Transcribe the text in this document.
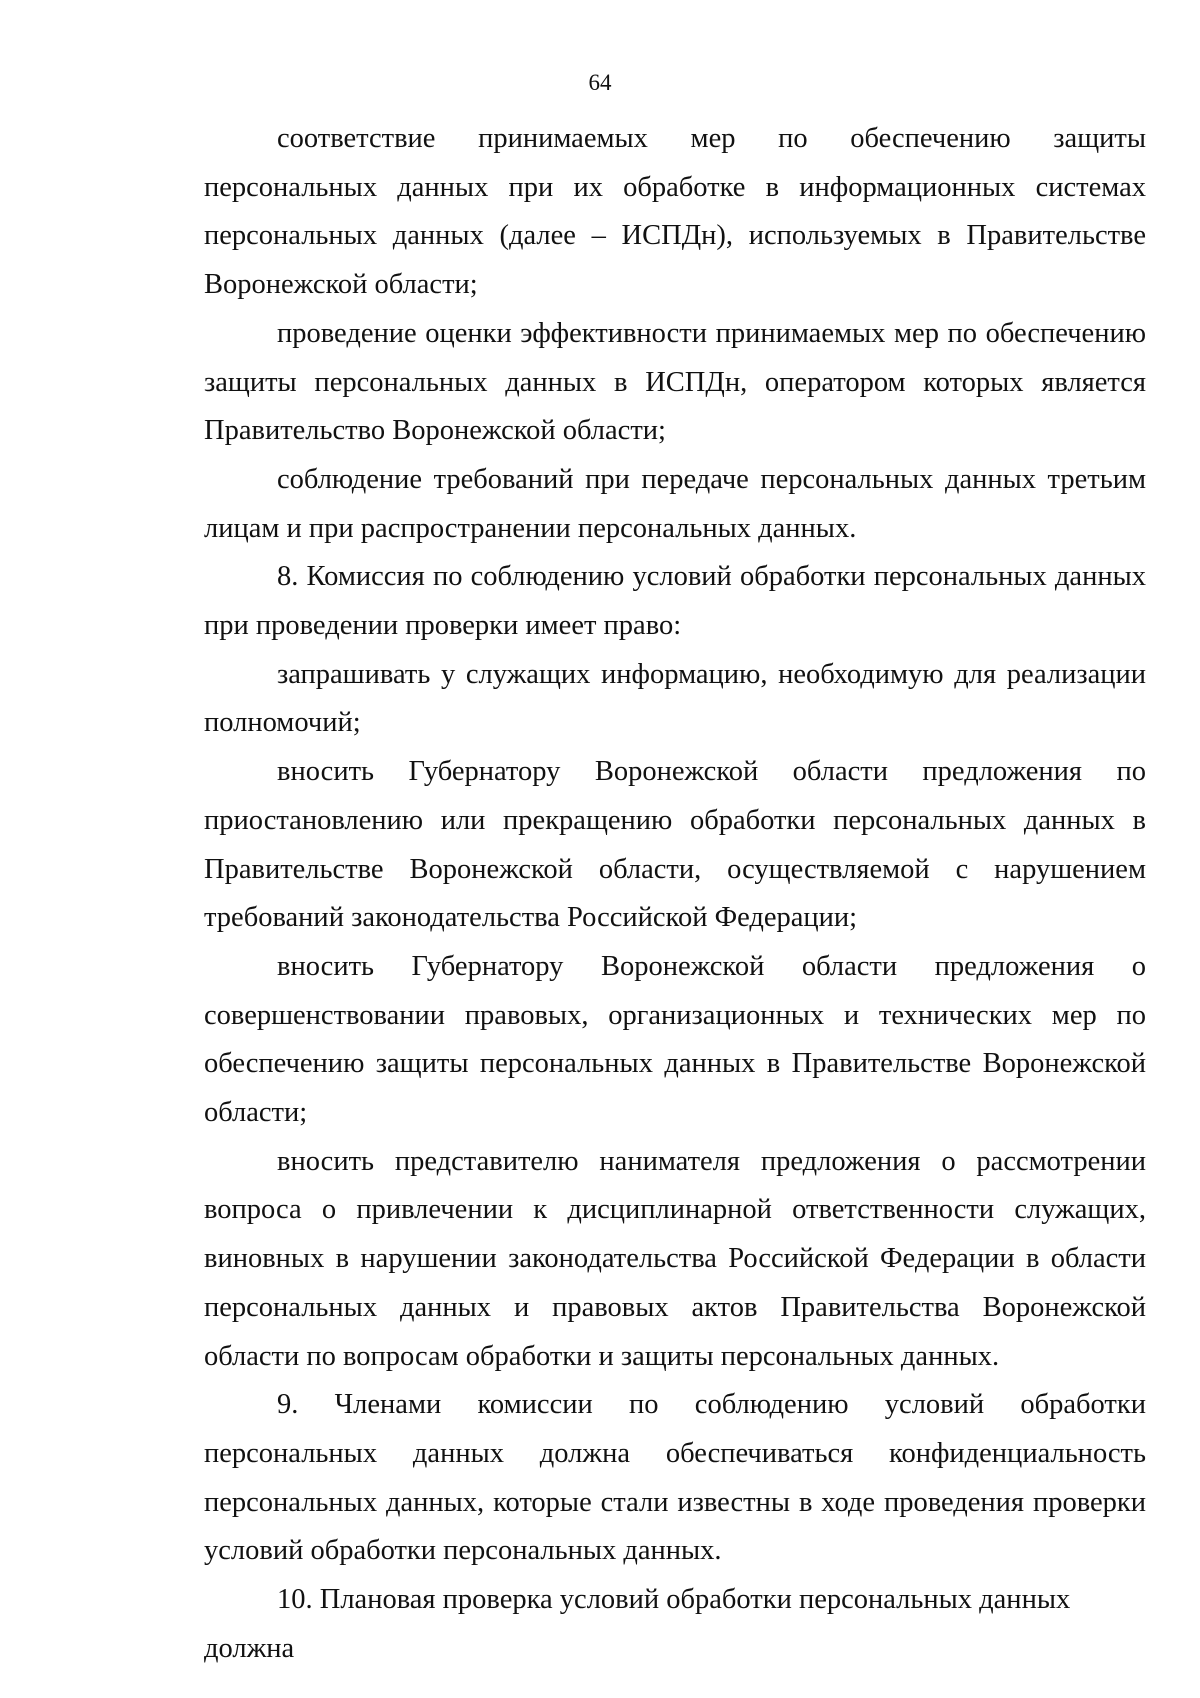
64

соответствие принимаемых мер по обеспечению защиты персональных данных при их обработке в информационных системах персональных данных (далее – ИСПДн), используемых в Правительстве Воронежской области;

проведение оценки эффективности принимаемых мер по обеспечению защиты персональных данных в ИСПДн, оператором которых является Правительство Воронежской области;

соблюдение требований при передаче персональных данных третьим лицам и при распространении персональных данных.

8. Комиссия по соблюдению условий обработки персональных данных при проведении проверки имеет право:

запрашивать у служащих информацию, необходимую для реализации полномочий;

вносить Губернатору Воронежской области предложения по приостановлению или прекращению обработки персональных данных в Правительстве Воронежской области, осуществляемой с нарушением требований законодательства Российской Федерации;

вносить Губернатору Воронежской области предложения о совершенствовании правовых, организационных и технических мер по обеспечению защиты персональных данных в Правительстве Воронежской области;

вносить представителю нанимателя предложения о рассмотрении вопроса о привлечении к дисциплинарной ответственности служащих, виновных в нарушении законодательства Российской Федерации в области персональных данных и правовых актов Правительства Воронежской области по вопросам обработки и защиты персональных данных.

9. Членами комиссии по соблюдению условий обработки персональных данных должна обеспечиваться конфиденциальность персональных данных, которые стали известны в ходе проведения проверки условий обработки персональных данных.

10. Плановая проверка условий обработки персональных данных должна
